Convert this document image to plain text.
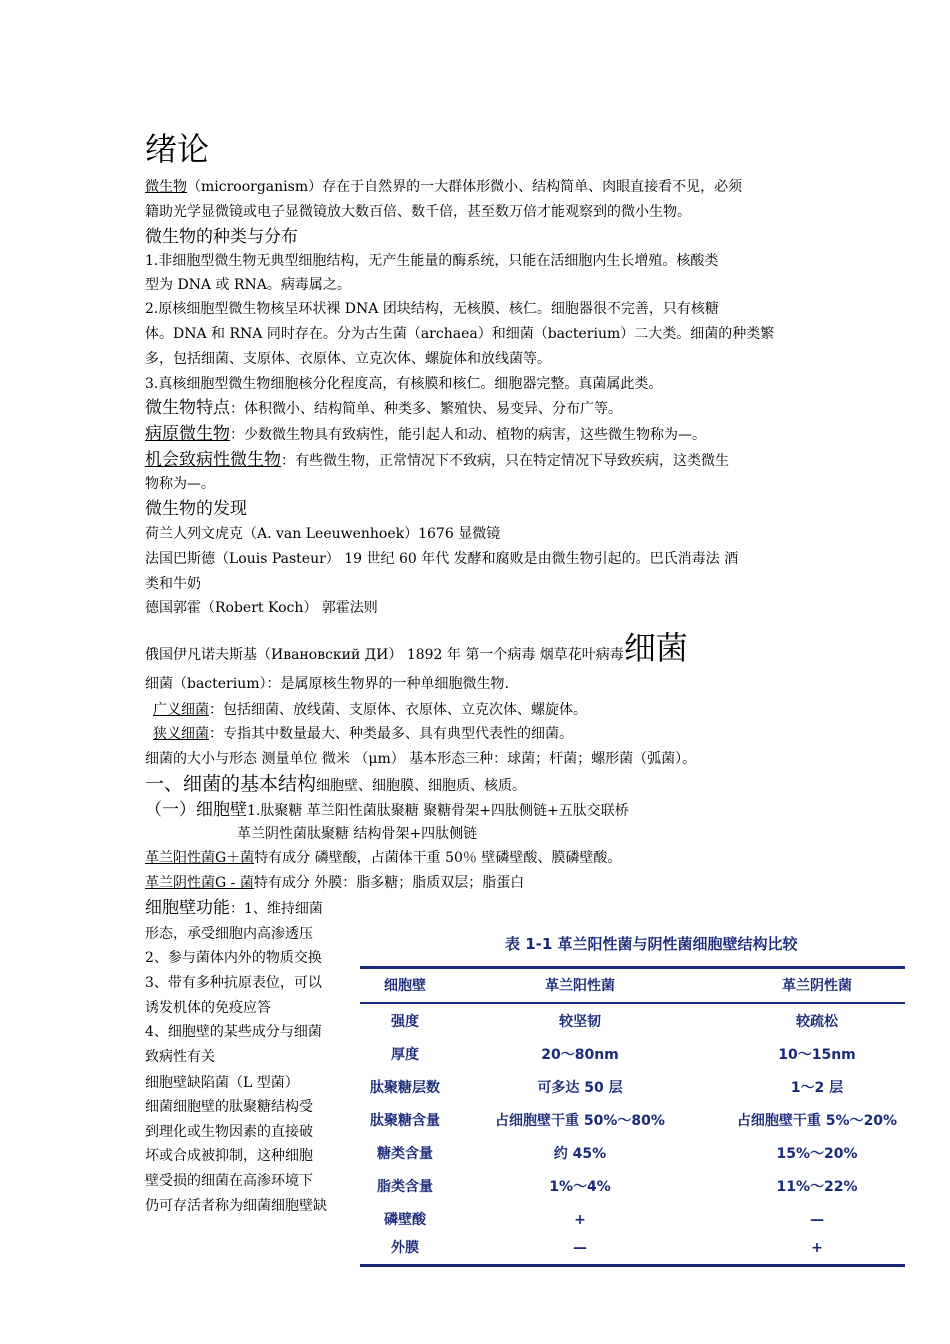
绪论
微生物（microorganism）存在于自然界的一大群体形微小、结构简单、肉眼直接看不见，必须
籍助光学显微镜或电子显微镜放大数百倍、数千倍，甚至数万倍才能观察到的微小生物。
微生物的种类与分布
1.非细胞型微生物无典型细胞结构，无产生能量的酶系统，只能在活细胞内生长增殖。核酸类
型为 DNA 或 RNA。病毒属之。
2.原核细胞型微生物核呈环状裸 DNA 团块结构，无核膜、核仁。细胞器很不完善，只有核糖
体。DNA 和 RNA 同时存在。分为古生菌（archaea）和细菌（bacterium）二大类。细菌的种类繁
多，包括细菌、支原体、衣原体、立克次体、螺旋体和放线菌等。
3.真核细胞型微生物细胞核分化程度高，有核膜和核仁。细胞器完整。真菌属此类。
微生物特点：体积微小、结构简单、种类多、繁殖快、易变异、分布广等。
病原微生物：少数微生物具有致病性，能引起人和动、植物的病害，这些微生物称为—。
机会致病性微生物：有些微生物，正常情况下不致病，只在特定情况下导致疾病，这类微生
物称为—。
微生物的发现
荷兰人列文虎克（A. van Leeuwenhoek）1676 显微镜
法国巴斯德（Louis Pasteur） 19 世纪 60 年代 发酵和腐败是由微生物引起的。巴氏消毒法 酒
类和牛奶
德国郭霍（Robert Koch） 郭霍法则
俄国伊凡诺夫斯基（Ивановский ДИ） 1892 年 第一个病毒 烟草花叶病毒细菌
细菌（bacterium）：是属原核生物界的一种单细胞微生物.
广义细菌：包括细菌、放线菌、支原体、衣原体、立克次体、螺旋体。
狭义细菌：专指其中数量最大、种类最多、具有典型代表性的细菌。
细菌的大小与形态 测量单位 微米 （μm） 基本形态三种：球菌；杆菌；螺形菌（弧菌）。
一、细菌的基本结构细胞壁、细胞膜、细胞质、核质。
（一）细胞壁1.肽聚糖 革兰阳性菌肽聚糖 聚糖骨架+四肽侧链+五肽交联桥
革兰阴性菌肽聚糖 结构骨架+四肽侧链
革兰阳性菌G＋菌特有成分 磷壁酸，占菌体干重 50％ 壁磷壁酸、膜磷壁酸。
革兰阴性菌G - 菌特有成分 外膜：脂多糖；脂质双层；脂蛋白
细胞壁功能：1、维持细菌
形态，承受细胞内高渗透压
2、参与菌体内外的物质交换
3、带有多种抗原表位，可以
诱发机体的免疫应答
4、细胞壁的某些成分与细菌
致病性有关
细胞壁缺陷菌（L 型菌）
细菌细胞壁的肽聚糖结构受
到理化或生物因素的直接破
坏或合成被抑制，这种细胞
壁受损的细菌在高渗环境下
仍可存活者称为细菌细胞壁缺
表 1-1 革兰阳性菌与阴性菌细胞壁结构比较
细胞壁	革兰阳性菌	革兰阴性菌
强度	较坚韧	较疏松
厚度	20～80nm	10～15nm
肽聚糖层数	可多达 50 层	1～2 层
肽聚糖含量	占细胞壁干重 50%～80%	占细胞壁干重 5%～20%
糖类含量	约 45%	15%～20%
脂类含量	1%～4%	11%～22%
磷壁酸	+	—
外膜	—	+
